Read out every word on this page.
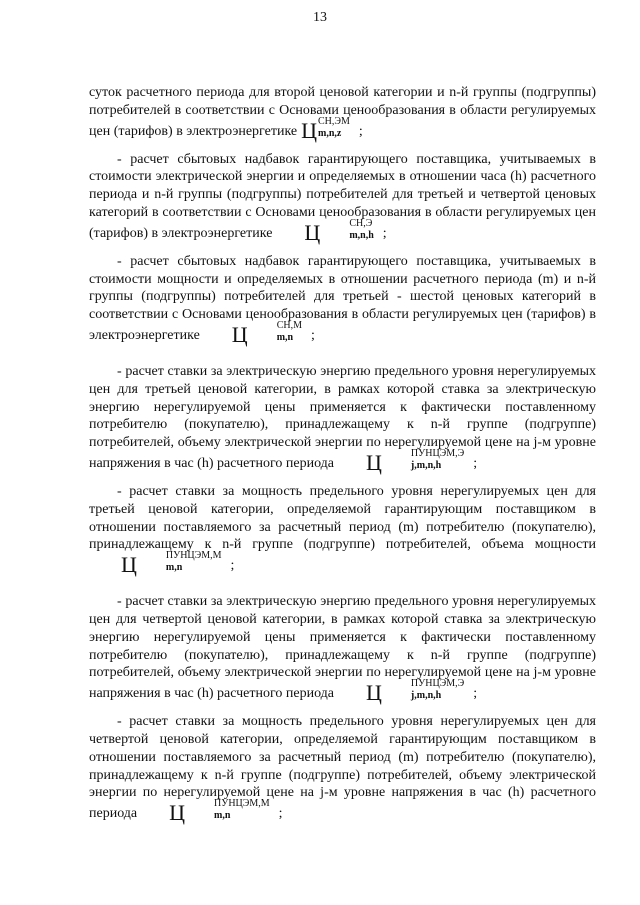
13

суток расчетного периода для второй ценовой категории и n-й группы (подгруппы) потребителей в соответствии с Основами ценообразования в области регулируемых цен (тарифов) в электроэнергетике Ц СН,ЭМ
m,n,z	;

- расчет сбытовых надбавок гарантирующего поставщика, учитываемых в стоимости электрической энергии и определяемых в отношении часа (h) расчетного периода и n-й группы (подгруппы) потребителей для третьей и четвертой ценовых категорий в соответствии с Основами ценообразования в области регулируемых цен (тарифов) в электроэнергетике Ц	СН,Э
m,n,h ;

- расчет сбытовых надбавок гарантирующего поставщика, учитываемых в стоимости мощности и определяемых в отношении расчетного периода (m) и n-й группы (подгруппы) потребителей для третьей - шестой ценовых категорий в соответствии с Основами ценообразования в области регулируемых цен (тарифов) в электроэнергетике Ц	СН,М
m,n	;

- расчет ставки за электрическую энергию предельного уровня нерегулируемых цен для третьей ценовой категории, в рамках которой ставка за электрическую энергию нерегулируемой цены применяется к фактически поставленному потребителю (покупателю), принадлежащему к n-й группе (подгруппе) потребителей, объему электрической энергии по нерегулируемой цене на j-м уровне напряжения в час (h) расчетного периода Ц	ПУНЦЭМ,Э
j,m,n,h	;

- расчет ставки за мощность предельного уровня нерегулируемых цен для третьей ценовой категории, определяемой гарантирующим поставщиком в отношении поставляемого за расчетный период (m) потребителю (покупателю), принадлежащему к n-й группе (подгруппе) потребителей, объема мощностиЦ	ПУНЦЭМ,М
m,n	;

- расчет ставки за электрическую энергию предельного уровня нерегулируемых цен для четвертой ценовой категории, в рамках которой ставка за электрическую энергию нерегулируемой цены применяется к фактически поставленному потребителю (покупателю), принадлежащему к n-й группе (подгруппе) потребителей, объему электрической энергии по нерегулируемой цене на j-м уровне напряжения в час (h) расчетного периода Ц	ПУНЦЭМ,Э
j,m,n,h	;

- расчет ставки за мощность предельного уровня нерегулируемых цен для четвертой ценовой категории, определяемой гарантирующим поставщиком в отношении поставляемого за расчетный период (m) потребителю (покупателю), принадлежащему к n-й группе (подгруппе) потребителей, объему электрической энергии по нерегулируемой цене на j-м уровне напряжения в час (h) расчетного периода Ц	ПУНЦЭМ,М
m,n	;
